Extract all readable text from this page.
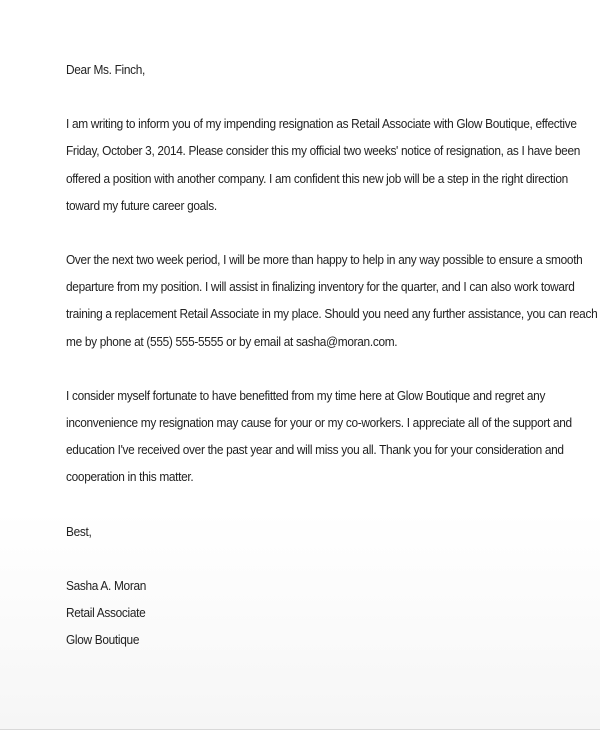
Dear Ms. Finch,

I am writing to inform you of my impending resignation as Retail Associate with Glow Boutique, effective
Friday, October 3, 2014. Please consider this my official two weeks' notice of resignation, as I have been
offered a position with another company. I am confident this new job will be a step in the right direction
toward my future career goals.

Over the next two week period, I will be more than happy to help in any way possible to ensure a smooth
departure from my position. I will assist in finalizing inventory for the quarter, and I can also work toward
training a replacement Retail Associate in my place. Should you need any further assistance, you can reach
me by phone at (555) 555-5555 or by email at sasha@moran.com.

I consider myself fortunate to have benefitted from my time here at Glow Boutique and regret any
inconvenience my resignation may cause for your or my co-workers. I appreciate all of the support and
education I've received over the past year and will miss you all. Thank you for your consideration and
cooperation in this matter.

Best,

Sasha A. Moran
Retail Associate
Glow Boutique
